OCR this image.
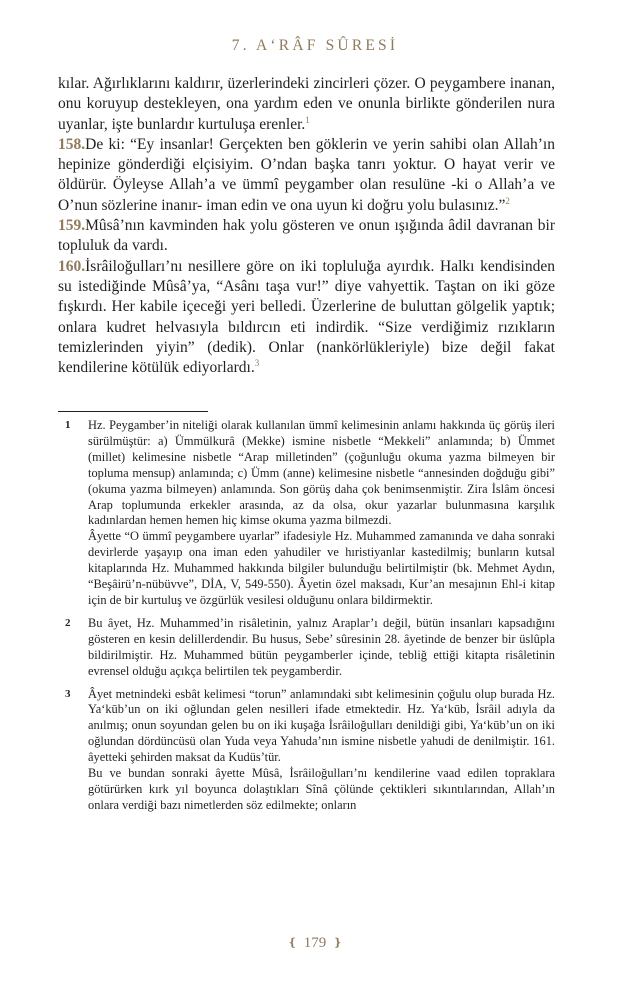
7. A‘RÂF SÛRESİ

kılar. Ağırlıklarını kaldırır, üzerlerindeki zincirleri çözer. O peygambere inanan, onu koruyup destekleyen, ona yardım eden ve onunla birlikte gönderilen nura uyanlar, işte bunlardır kurtuluşa erenler.$^1$

158.De ki: “Ey insanlar! Gerçekten ben göklerin ve yerin sahibi olan Allah’ın hepinize gönderdiği elçisiyim. O’ndan başka tanrı yoktur. O hayat verir ve öldürür. Öyleyse Allah’a ve ümmî peygamber olan resulüne -ki o Allah’a ve O’nun sözlerine inanır- iman edin ve ona uyun ki doğru yolu bulasınız.”$^2$

159.Mûsâ’nın kavminden hak yolu gösteren ve onun ışığında âdil davranan bir topluluk da vardı.

160.İsrâiloğulları’nı nesillere göre on iki topluluğa ayırdık. Halkı kendisinden su istediğinde Mûsâ’ya, “Asânı taşa vur!” diye vahyettik. Taştan on iki göze fışkırdı. Her kabile içeceği yeri belledi. Üzerlerine de buluttan gölgelik yaptık; onlara kudret helvasıyla bıldırcın eti indirdik. “Size verdiğimiz rızıkların temizlerinden yiyin” (dedik). Onlar (nankörlükleriyle) bize değil fakat kendilerine kötülük ediyorlardı.$^3$

1 Hz. Peygamber’in niteliği olarak kullanılan ümmî kelimesinin anlamı hakkında üç görüş ileri sürülmüştür: a) Ümmülkurâ (Mekke) ismine nisbetle “Mekkeli” anlamında; b) Ümmet (millet) kelimesine nisbetle “Arap milletinden” (çoğunluğu okuma yazma bilmeyen bir topluma mensup) anlamında; c) Ümm (anne) kelimesine nisbetle “annesinden doğduğu gibi” (okuma yazma bilmeyen) anlamında. Son görüş daha çok benimsenmiştir. Zira İslâm öncesi Arap toplumunda erkekler arasında, az da olsa, okur yazarlar bulunmasına karşılık kadınlardan hemen hemen hiç kimse okuma yazma bilmezdi.

Âyette “O ümmî peygambere uyarlar” ifadesiyle Hz. Muhammed zamanında ve daha sonraki devirlerde yaşayıp ona iman eden yahudiler ve hıristiyanlar kastedilmiş; bunların kutsal kitaplarında Hz. Muhammed hakkında bilgiler bulunduğu belirtilmiştir (bk. Mehmet Aydın, “Beşâirü’n-nübüvve”, DİA, V, 549-550). Âyetin özel maksadı, Kur’an mesajının Ehl-i kitap için de bir kurtuluş ve özgürlük vesilesi olduğunu onlara bildirmektir.

2 Bu âyet, Hz. Muhammed’in risâletinin, yalnız Araplar’ı değil, bütün insanları kapsadığını gösteren en kesin delillerdendir. Bu husus, Sebe’ sûresinin 28. âyetinde de benzer bir üslûpla bildirilmiştir. Hz. Muhammed bütün peygamberler içinde, tebliğ ettiği kitapta risâletinin evrensel olduğu açıkça belirtilen tek peygamberdir.

3 Âyet metnindeki esbât kelimesi “torun” anlamındaki sıbt kelimesinin çoğulu olup burada Hz. Ya‘kūb’un on iki oğlundan gelen nesilleri ifade etmektedir. Hz. Ya‘kūb, İsrâil adıyla da anılmış; onun soyundan gelen bu on iki kuşağa İsrâiloğulları denildiği gibi, Ya‘kūb’un on iki oğlundan dördüncüsü olan Yuda veya Yahuda’nın ismine nisbetle yahudi de denilmiştir. 161. âyetteki şehirden maksat da Kudüs’tür.

Bu ve bundan sonraki âyette Mûsâ, İsrâiloğulları’nı kendilerine vaad edilen topraklara götürürken kırk yıl boyunca dolaştıkları Sînâ çölünde çektikleri sıkıntılarından, Allah’ın onlara verdiği bazı nimetlerden söz edilmekte; onların

❴ 179 ❵
